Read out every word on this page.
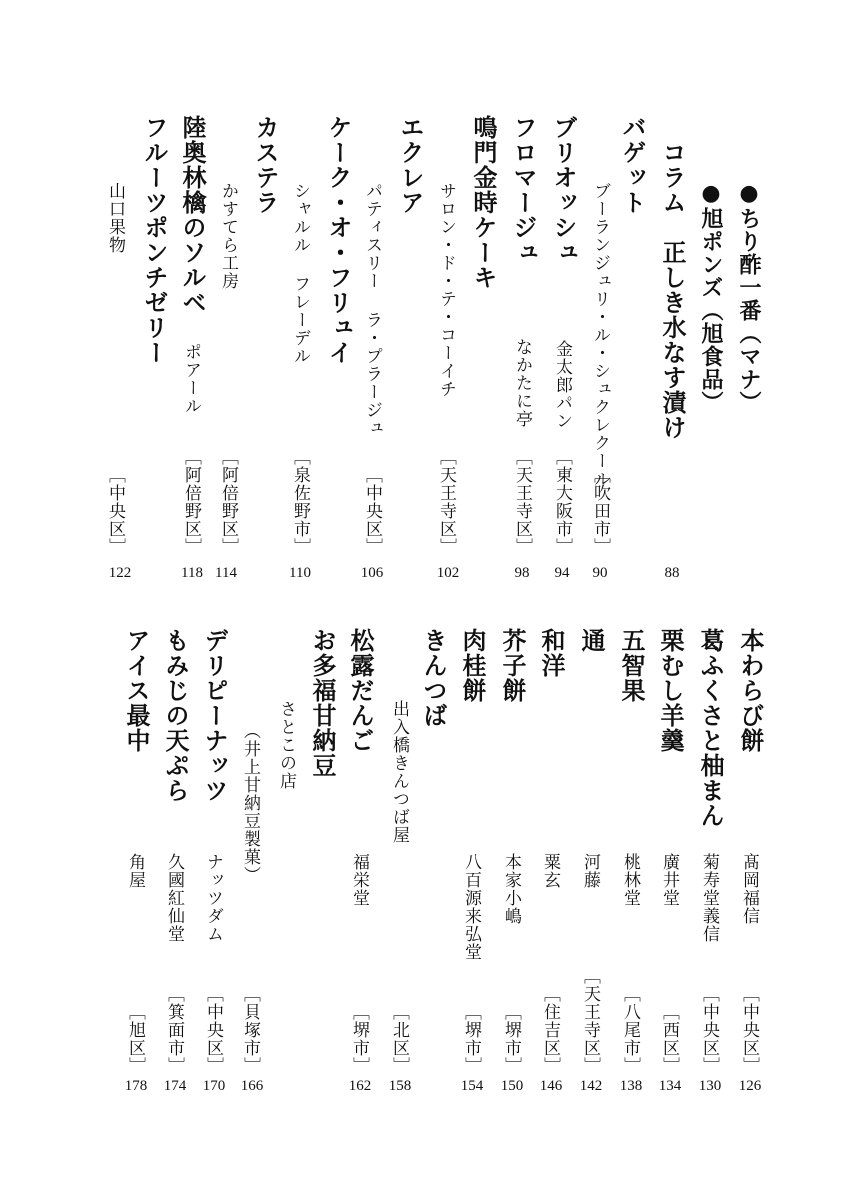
●ちり酢一番（マナ）
●旭ポンズ（旭食品）
コラム　正しき水なす漬け
88
バゲット
ブーランジュリ・ル・シュクレクール
［吹田市］
90
ブリオッシュ
金太郎パン
［東大阪市］
94
フロマージュ
なかたに亭
［天王寺区］
98
鳴門金時ケーキ
サロン・ド・テ・コーイチ
［天王寺区］
102
エクレア
パティスリー ラ・プラージュ
［中央区］
106
ケーク・オ・フリュイ
シャルル フレーデル
［泉佐野市］
110
カステラ
かすてら工房
［阿倍野区］
114
陸奥林檎のソルベ
ポアール
［阿倍野区］
118
フルーツポンチゼリー
山口果物
［中央区］
122
本わらび餅
髙岡福信
［中央区］
126
葛ふくさと柚まん
菊寿堂義信
［中央区］
130
栗むし羊羹
廣井堂
［西区］
134
五智果
桃林堂
［八尾市］
138
通
河藤
［天王寺区］
142
和洋
粟玄
［住吉区］
146
芥子餅
本家小嶋
［堺市］
150
肉桂餅
八百源来弘堂
［堺市］
154
きんつば
出入橋きんつば屋
［北区］
158
松露だんご
福栄堂
［堺市］
162
お多福甘納豆
さとこの店
（井上甘納豆製菓）
［貝塚市］
166
デリピーナッツ
ナッツダム
［中央区］
170
もみじの天ぷら
久國紅仙堂
［箕面市］
174
アイス最中
角屋
［旭区］
178
